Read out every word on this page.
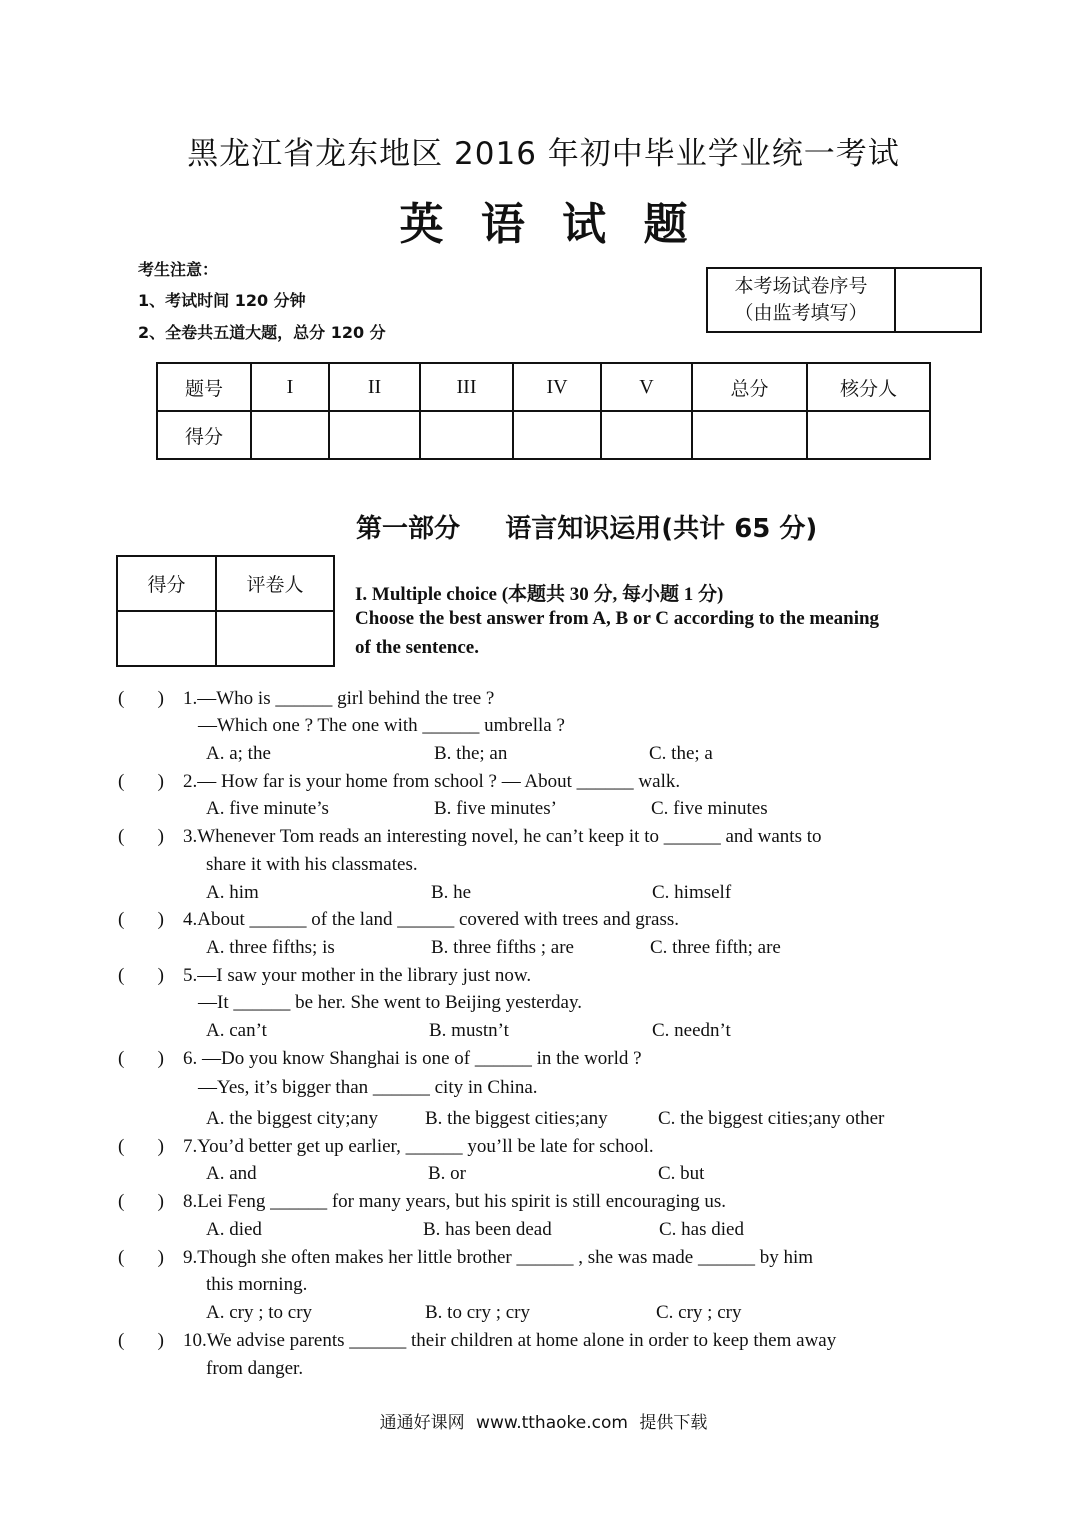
黑龙江省龙东地区 2016 年初中毕业学业统一考试
英 语 试 题
考生注意：
1、考试时间 120 分钟
2、全卷共五道大题，总分 120 分
本考场试卷序号
（由监考填写）

题号	I	II	III	IV	V	总分	核分人
得分							
第一部分     语言知识运用(共计 65 分)
得分	评卷人
		I. Multiple choice (本题共 30 分, 每小题 1 分)
Choose the best answer from A, B or C according to the meaning
of the sentence.
(       ) 1.—Who is ______ girl behind the tree ?
—Which one ? The one with ______ umbrella ?
A. a; the	B. the; an	C. the; a
(       ) 2.— How far is your home from school ? — About ______ walk.
A. five minute’s	B. five minutes’	C. five minutes
(       ) 3.Whenever Tom reads an interesting novel, he can’t keep it to ______ and wants to
share it with his classmates.
A. him	B. he	C. himself
(       ) 4.About ______ of the land ______ covered with trees and grass.
A. three fifths; is	B. three fifths ; are	C. three fifth; are
(       ) 5.—I saw your mother in the library just now.
—It ______ be her. She went to Beijing yesterday.
A. can’t	B. mustn’t	C. needn’t
(       ) 6. —Do you know Shanghai is one of ______ in the world ?
—Yes, it’s bigger than ______ city in China.
A. the biggest city;any B. the biggest cities;any	C. the biggest cities;any other
(       ) 7.You’d better get up earlier, ______ you’ll be late for school.
A. and	B. or	C. but
(       ) 8.Lei Feng ______ for many years, but his spirit is still encouraging us.
A. died	B. has been dead	C. has died
(       ) 9.Though she often makes her little brother ______ , she was made ______ by him
this morning.
A. cry ; to cry	B. to cry ; cry	C. cry ; cry
(       ) 10.We advise parents ______ their children at home alone in order to keep them away
from danger.
通通好课网 www.tthaoke.com 提供下载
